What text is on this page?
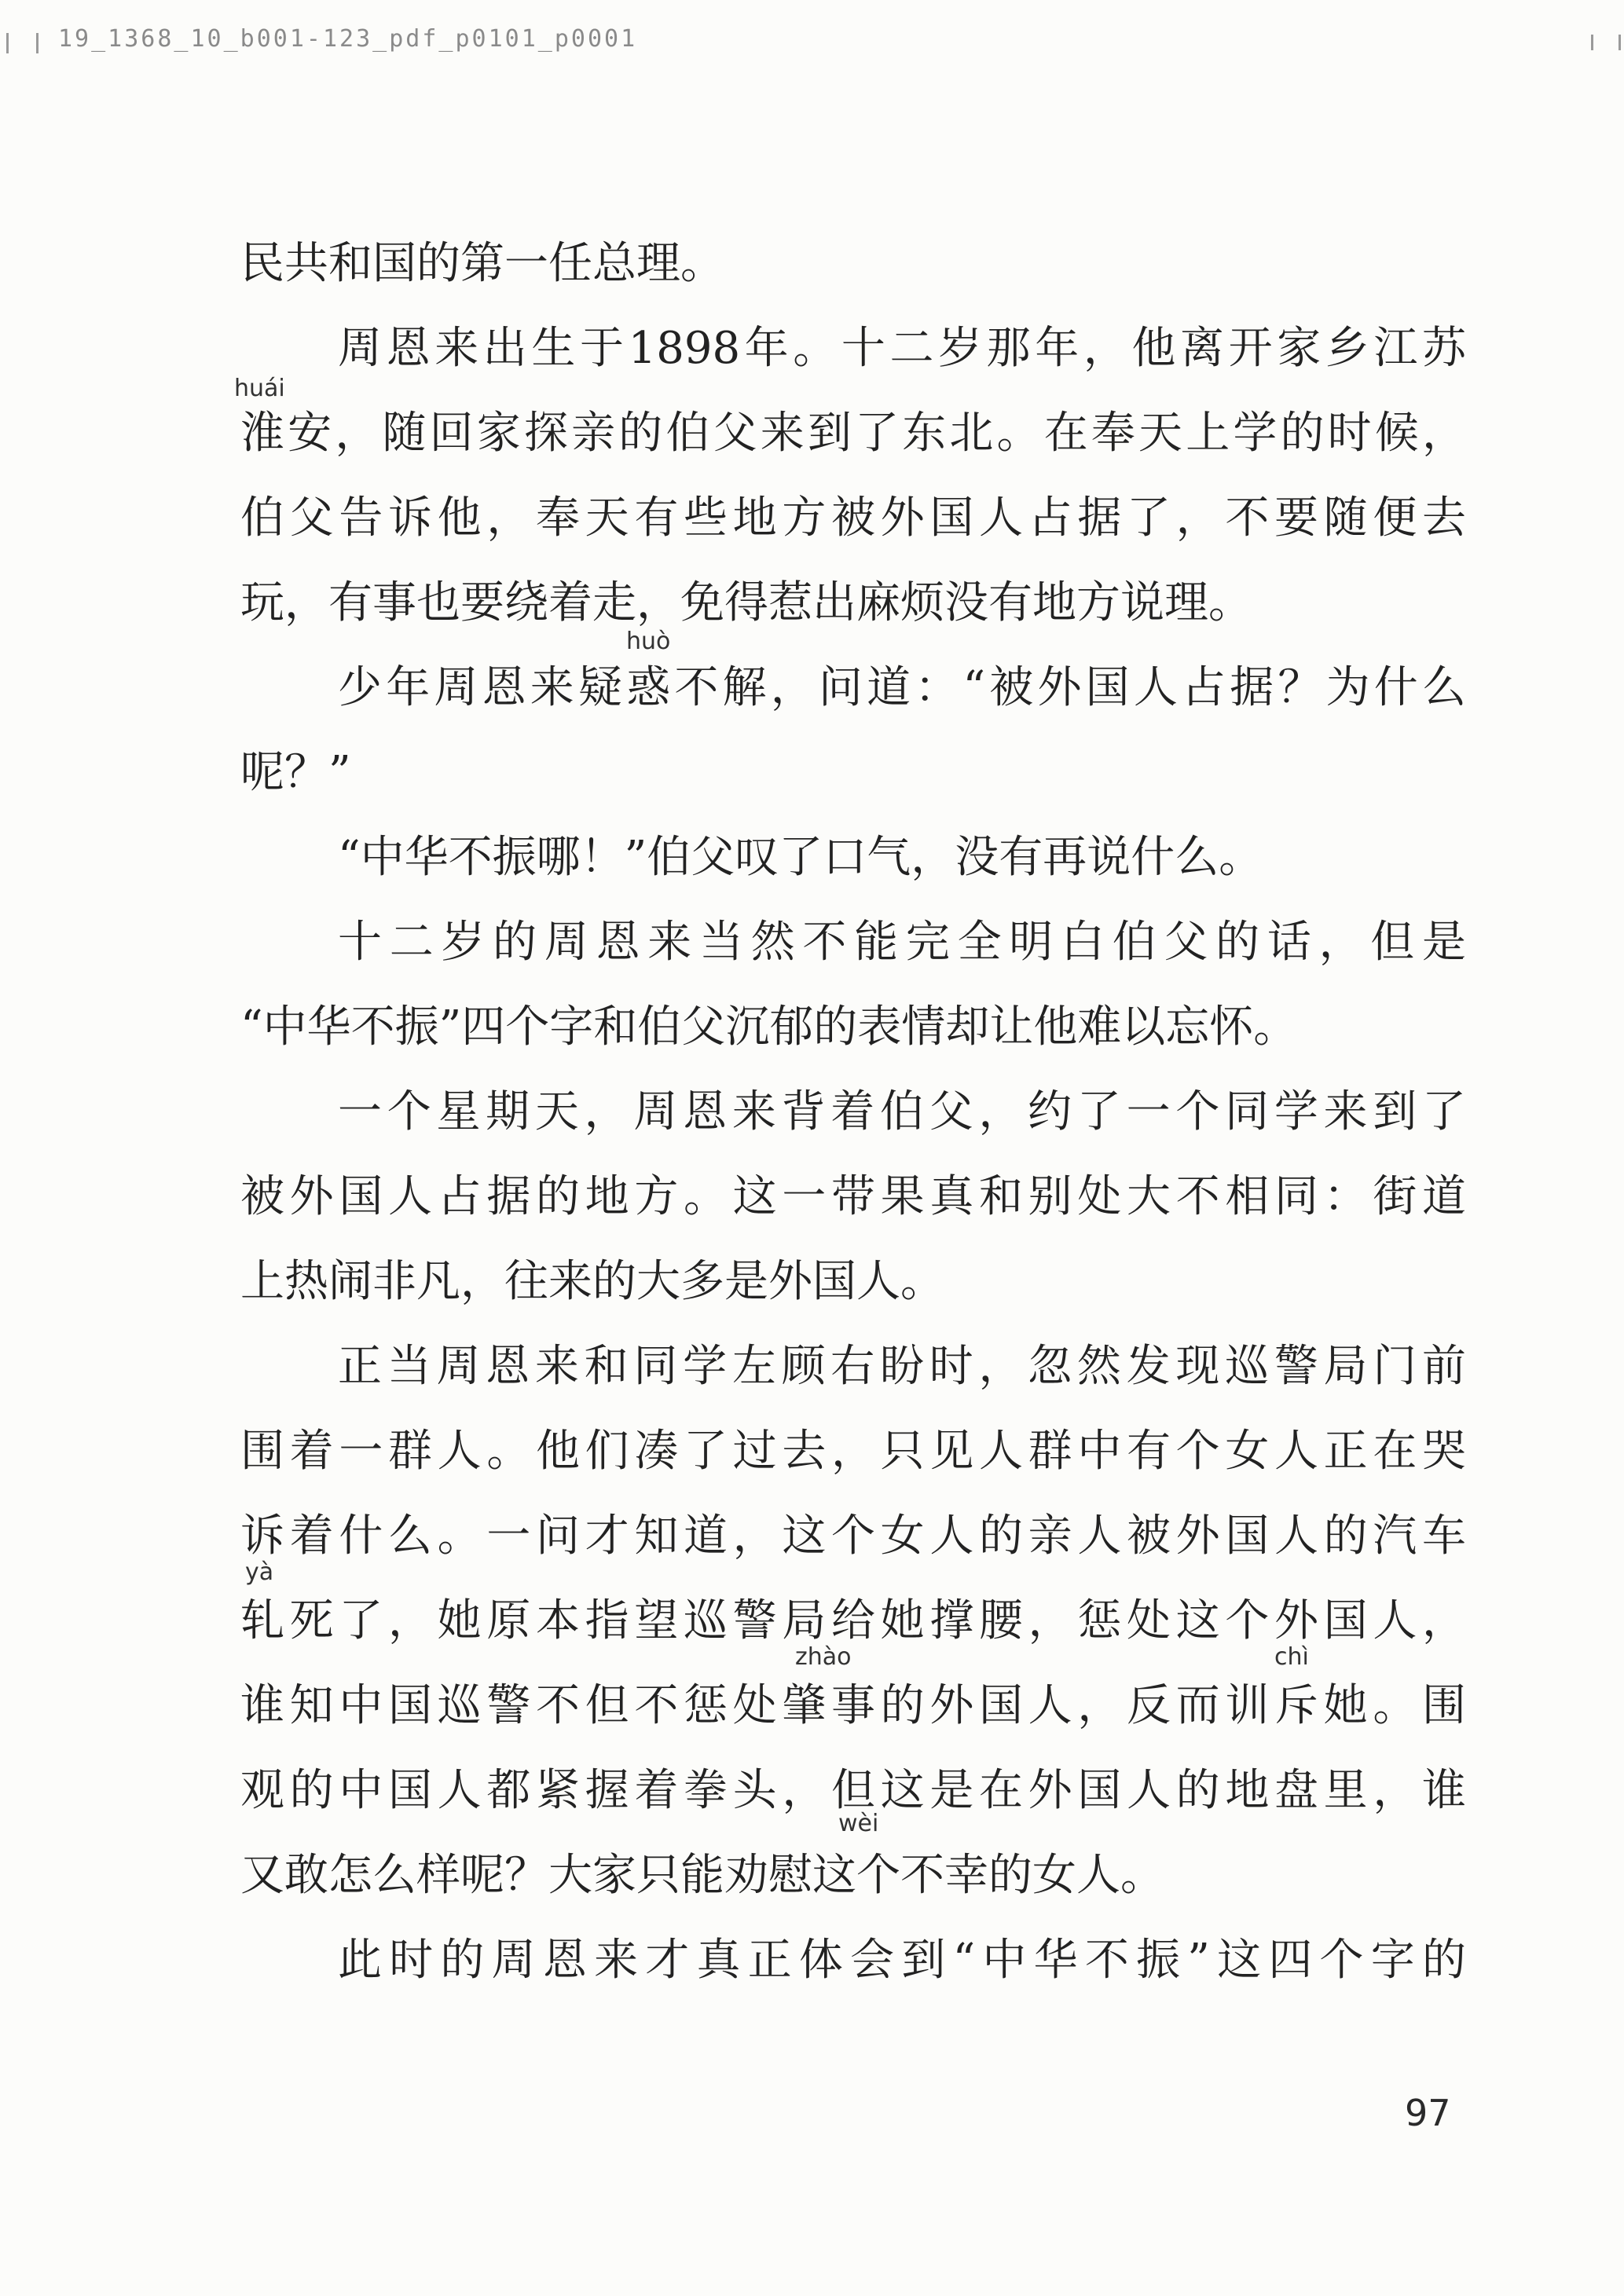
19_1368_10_b001-123_pdf_p0101_p0001
民共和国的第一任总理。
周恩来出生于1898年。十二岁那年，他离开家乡江苏
huái
淮安，随回家探亲的伯父来到了东北。在奉天上学的时候，
伯父告诉他，奉天有些地方被外国人占据了，不要随便去
玩，有事也要绕着走，免得惹出麻烦没有地方说理。
huò
少年周恩来疑惑不解，问道：“被外国人占据？为什么
呢？”
“中华不振哪！”伯父叹了口气，没有再说什么。
十二岁的周恩来当然不能完全明白伯父的话，但是
“中华不振”四个字和伯父沉郁的表情却让他难以忘怀。
一个星期天，周恩来背着伯父，约了一个同学来到了
被外国人占据的地方。这一带果真和别处大不相同：街道
上热闹非凡，往来的大多是外国人。
正当周恩来和同学左顾右盼时，忽然发现巡警局门前
围着一群人。他们凑了过去，只见人群中有个女人正在哭
诉着什么。一问才知道，这个女人的亲人被外国人的汽车
yà
轧死了，她原本指望巡警局给她撑腰，惩处这个外国人，
zhào	chì
谁知中国巡警不但不惩处肇事的外国人，反而训斥她。围
观的中国人都紧握着拳头，但这是在外国人的地盘里，谁
wèi
又敢怎么样呢？大家只能劝慰这个不幸的女人。
此时的周恩来才真正体会到“中华不振”这四个字的
97
